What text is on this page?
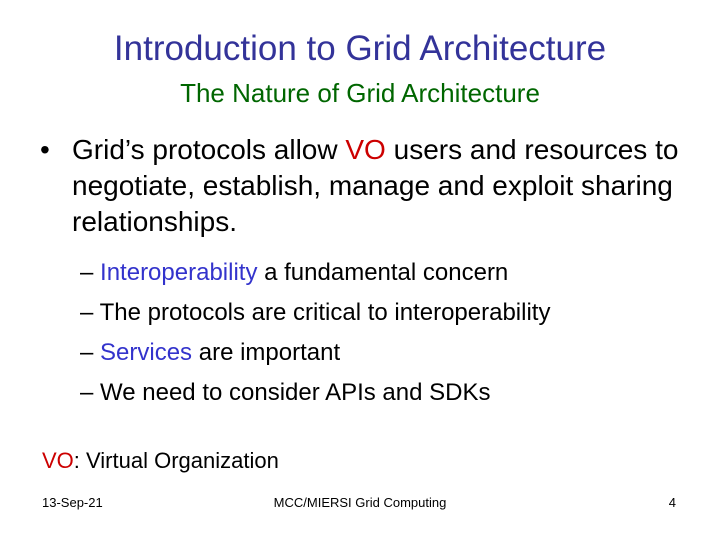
Introduction to Grid Architecture
The Nature of Grid Architecture
• Grid’s protocols allow VO users and resources to negotiate, establish, manage and exploit sharing relationships.
– Interoperability a fundamental concern
– The protocols are critical to interoperability
– Services are important
– We need to consider APIs and SDKs
VO: Virtual Organization
13-Sep-21	MCC/MIERSI Grid Computing	4
